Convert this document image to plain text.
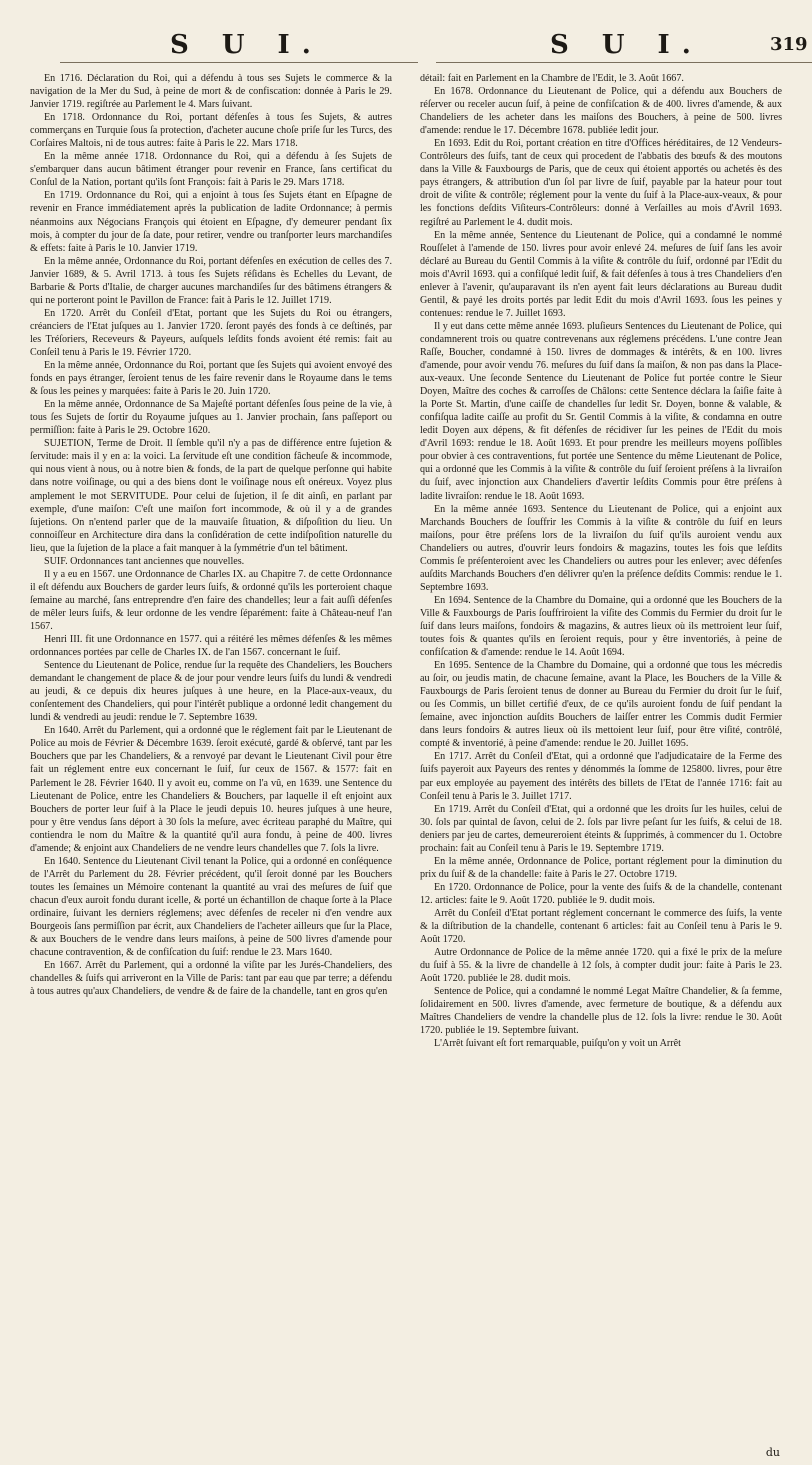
S U I.	S U I.	319

En 1716. Déclaration du Roi, qui a défendu à tous ses Sujets le commerce & la navigation de la Mer du Sud, à peine de mort & de confiscation: donnée à Paris le 29. Janvier 1719. regiſtrée au Parlement le 4. Mars ſuivant.

En 1718. Ordonnance du Roi, portant défenſes à tous ſes Sujets, & autres commerçans en Turquie ſous ſa protection, d'acheter aucune choſe priſe ſur les Turcs, des Corſaires Maltois, ni de tous autres: faite à Paris le 22. Mars 1718.

En la même année 1718. Ordonnance du Roi, qui a défendu à ſes Sujets de s'embarquer dans aucun bâtiment étranger pour revenir en France, ſans certificat du Conſul de la Nation, portant qu'ils ſont François: fait à Paris le 29. Mars 1718.

En 1719. Ordonnance du Roi, qui a enjoint à tous ſes Sujets étant en Eſpagne de revenir en France immédiatement après la publication de ladite Ordonnance; à permis néanmoins aux Négocians François qui étoient en Eſpagne, d'y demeurer pendant ſix mois, à compter du jour de ſa date, pour retirer, vendre ou tranſporter leurs marchandiſes & effets: faite à Paris le 10. Janvier 1719.

En la même année, Ordonnance du Roi, portant défenſes en exécution de celles des 7. Janvier 1689, & 5. Avril 1713. à tous ſes Sujets réſidans ès Echelles du Levant, de Barbarie & Ports d'Italie, de charger aucunes marchandiſes ſur des bâtimens étrangers & qui ne porteront point le Pavillon de France: fait à Paris le 12. Juillet 1719.

En 1720. Arrêt du Conſeil d'Etat, portant que les Sujets du Roi ou étrangers, créanciers de l'Etat juſques au 1. Janvier 1720. ſeront payés des fonds à ce deſtinés, par les Tréſoriers, Receveurs & Payeurs, auſquels leſdits fonds avoient été remis: fait au Conſeil tenu à Paris le 19. Février 1720.

En la même année, Ordonnance du Roi, portant que ſes Sujets qui avoient envoyé des fonds en pays étranger, ſeroient tenus de les faire revenir dans le Royaume dans le tems & ſous les peines y marquées: faite à Paris le 20. Juin 1720.

En la même année, Ordonnance de Sa Majeſté portant défenſes ſous peine de la vie, à tous ſes Sujets de ſortir du Royaume juſques au 1. Janvier prochain, ſans paſſeport ou permiſſion: faite à Paris le 29. Octobre 1620.

SUJETION, Terme de Droit. Il ſemble qu'il n'y a pas de différence entre ſujetion & ſervitude: mais il y en a: la voici. La ſervitude eſt une condition fâcheuſe & incommode, qui nous vient à nous, ou à notre bien & fonds, de la part de quelque perſonne qui habite dans notre voiſinage, ou qui a des biens dont le voiſinage nous eſt onéreux. Voyez plus amplement le mot SERVITUDE. Pour celui de ſujetion, il ſe dit ainſi, en parlant par exemple, d'une maiſon: C'eſt une maiſon fort incommode, & où il y a de grandes ſujetions. On n'entend parler que de la mauvaiſe ſituation, & diſpoſition du lieu. Un connoiſſeur en Architecture dira dans la conſidération de cette indiſpoſition naturelle du lieu, que la ſujetion de la place a fait manquer à la ſymmétrie d'un tel bâtiment.

SUIF. Ordonnances tant anciennes que nouvelles.

Il y a eu en 1567. une Ordonnance de Charles IX. au Chapitre 7. de cette Ordonnance il eſt défendu aux Bouchers de garder leurs ſuifs, & ordonné qu'ils les porteroient chaque ſemaine au marché, ſans entreprendre d'en faire des chandelles; leur a fait auſſi défenſes de mêler leurs ſuifs, & leur ordonne de les vendre ſéparément: faite à Château-neuf l'an 1567.

Henri III. fit une Ordonnance en 1577. qui a réitéré les mêmes défenſes & les mêmes ordonnances portées par celle de Charles IX. de l'an 1567. concernant le ſuif.

Sentence du Lieutenant de Police, rendue ſur la requête des Chandeliers, les Bouchers demandant le changement de place & de jour pour vendre leurs ſuifs du lundi & vendredi au jeudi, & ce depuis dix heures juſques à une heure, en la Place-aux-veaux, du conſentement des Chandeliers, qui pour l'intérêt publique a ordonné ledit changement du lundi & vendredi au jeudi: rendue le 7. Septembre 1639.

En 1640. Arrêt du Parlement, qui a ordonné que le réglement fait par le Lieutenant de Police au mois de Février & Décembre 1639. ſeroit exécuté, gardé & obſervé, tant par les Bouchers que par les Chandeliers, & a renvoyé par devant le Lieutenant Civil pour être fait un réglement entre eux concernant le ſuif, ſur ceux de 1567. & 1577: fait en Parlement le 28. Février 1640. Il y avoit eu, comme on l'a vû, en 1639. une Sentence du Lieutenant de Police, entre les Chandeliers & Bouchers, par laquelle il eſt enjoint aux Bouchers de porter leur ſuif à la Place le jeudi depuis 10. heures juſques à une heure, pour y être vendus ſans déport à 30 ſols la meſure, avec écriteau paraphé du Maître, qui contiendra le nom du Maître & la quantité qu'il aura fondu, à peine de 400. livres d'amende; & enjoint aux Chandeliers de ne vendre leurs chandelles que 7. ſols la livre.

En 1640. Sentence du Lieutenant Civil tenant la Police, qui a ordonné en conſéquence de l'Arrêt du Parlement du 28. Février précédent, qu'il ſeroit donné par les Bouchers toutes les ſemaines un Mémoire contenant la quantité au vrai des meſures de ſuif que chacun d'eux auroit fondu durant icelle, & porté un échantillon de chaque ſorte à la Place ordinaire, ſuivant les derniers réglemens; avec défenſes de receler ni d'en vendre aux Bourgeois ſans permiſſion par écrit, aux Chandeliers de l'acheter ailleurs que ſur la Place, & aux Bouchers de le vendre dans leurs maiſons, à peine de 500 livres d'amende pour chacune contravention, & de confiſcation du ſuif: rendue le 23. Mars 1640.

En 1667. Arrêt du Parlement, qui a ordonné la viſite par les Jurés-Chandeliers, des chandelles & ſuifs qui arriveront en la Ville de Paris: tant par eau que par terre; a défendu à tous autres qu'aux Chandeliers, de vendre & de faire de la chandelle, tant en gros qu'en

détail: fait en Parlement en la Chambre de l'Edit, le 3. Août 1667.

En 1678. Ordonnance du Lieutenant de Police, qui a défendu aux Bouchers de réſerver ou receler aucun ſuif, à peine de confiſcation & de 400. livres d'amende, & aux Chandeliers de les acheter dans les maiſons des Bouchers, à peine de 500. livres d'amende: rendue le 17. Décembre 1678. publiée ledit jour.

En 1693. Edit du Roi, portant création en titre d'Offices héréditaires, de 12 Vendeurs-Contrôleurs des ſuifs, tant de ceux qui procedent de l'abbatis des bœufs & des moutons dans la Ville & Fauxbourgs de Paris, que de ceux qui étoient apportés ou achetés ès des pays étrangers, & attribution d'un ſol par livre de ſuif, payable par la hateur pour tout droit de viſite & contrôle; réglement pour la vente du ſuif à la Place-aux-veaux, & pour les fonctions deſdits Viſiteurs-Contrôleurs: donné à Verſailles au mois d'Avril 1693. regiſtré au Parlement le 4. dudit mois.

En la même année, Sentence du Lieutenant de Police, qui a condamné le nommé Rouſſelet à l'amende de 150. livres pour avoir enlevé 24. meſures de ſuif ſans les avoir déclaré au Bureau du Gentil Commis à la viſite & contrôle du ſuif, ordonné par l'Edit du mois d'Avril 1693. qui a confiſqué ledit ſuif, & fait défenſes à tous à tres Chandeliers d'en enlever à l'avenir, qu'auparavant ils n'en ayent fait leurs déclarations au Bureau dudit Gentil, & payé les droits portés par ledit Edit du mois d'Avril 1693. ſous les peines y contenues: rendue le 7. Juillet 1693.

Il y eut dans cette même année 1693. pluſieurs Sentences du Lieutenant de Police, qui condamnerent trois ou quatre contrevenans aux réglemens précédens. L'une contre Jean Raſſe, Boucher, condamné à 150. livres de dommages & intérêts, & en 100. livres d'amende, pour avoir vendu 76. meſures du ſuif dans ſa maiſon, & non pas dans la Place-aux-veaux. Une ſeconde Sentence du Lieutenant de Police fut portée contre le Sieur Doyen, Maître des coches & carroſſes de Châlons: cette Sentence déclara la ſaiſie faite à la Porte St. Martin, d'une caiſſe de chandelles ſur ledit Sr. Doyen, bonne & valable, & confiſqua ladite caiſſe au profit du Sr. Gentil Commis à la viſite, & condamna en outre ledit Doyen aux dépens, & fit défenſes de récidiver ſur les peines de l'Edit du mois d'Avril 1693: rendue le 18. Août 1693. Et pour prendre les meilleurs moyens poſſibles pour obvier à ces contraventions, fut portée une Sentence du même Lieutenant de Police, qui a ordonné que les Commis à la viſite & contrôle du ſuif ſeroient préſens à la livraiſon du ſuif, avec injonction aux Chandeliers d'avertir leſdits Commis pour être préſens à ladite livraiſon: rendue le 18. Août 1693.

En la même année 1693. Sentence du Lieutenant de Police, qui a enjoint aux Marchands Bouchers de ſouffrir les Commis à la viſite & contrôle du ſuif en leurs maiſons, pour être préſens lors de la livraiſon du ſuif qu'ils auroient vendu aux Chandeliers ou autres, d'ouvrir leurs fondoirs & magazins, toutes les fois que leſdits Commis ſe préſenteroient avec les Chandeliers ou autres pour les enlever; avec défenſes auſdits Marchands Bouchers d'en délivrer qu'en la préſence deſdits Commis: rendue le 1. Septembre 1693.

En 1694. Sentence de la Chambre du Domaine, qui a ordonné que les Bouchers de la Ville & Fauxbourgs de Paris ſouffriroient la viſite des Commis du Fermier du droit ſur le ſuif dans leurs maiſons, fondoirs & magazins, & autres lieux où ils mettroient leur ſuif, toutes fois & quantes qu'ils en ſeroient requis, pour y être inventoriés, à peine de confiſcation & d'amende: rendue le 14. Août 1694.

En 1695. Sentence de la Chambre du Domaine, qui a ordonné que tous les mécredis au ſoir, ou jeudis matin, de chacune ſemaine, avant la Place, les Bouchers de la Ville & Fauxbourgs de Paris ſeroient tenus de donner au Bureau du Fermier du droit ſur le ſuif, ou ſes Commis, un billet certifié d'eux, de ce qu'ils auroient fondu de ſuif pendant la ſemaine, avec injonction auſdits Bouchers de laiſſer entrer les Commis dudit Fermier dans leurs fondoirs & autres lieux où ils mettoient leur ſuif, pour être viſité, contrôlé, compté & inventorié, à peine d'amende: rendue le 20. Juillet 1695.

En 1717. Arrêt du Conſeil d'Etat, qui a ordonné que l'adjudicataire de la Ferme des ſuifs payeroit aux Payeurs des rentes y dénommés la ſomme de 125800. livres, pour être par eux employée au payement des intérêts des billets de l'Etat de l'année 1716: fait au Conſeil tenu à Paris le 3. Juillet 1717.

En 1719. Arrêt du Conſeil d'Etat, qui a ordonné que les droits ſur les huiles, celui de 30. ſols par quintal de ſavon, celui de 2. ſols par livre peſant ſur les ſuifs, & celui de 18. deniers par jeu de cartes, demeureroient éteints & ſupprimés, à commencer du 1. Octobre prochain: fait au Conſeil tenu à Paris le 19. Septembre 1719.

En la même année, Ordonnance de Police, portant réglement pour la diminution du prix du ſuif & de la chandelle: faite à Paris le 27. Octobre 1719.

En 1720. Ordonnance de Police, pour la vente des ſuifs & de la chandelle, contenant 12. articles: faite le 9. Août 1720. publiée le 9. dudit mois.

Arrêt du Conſeil d'Etat portant réglement concernant le commerce des ſuifs, la vente & la diſtribution de la chandelle, contenant 6 articles: fait au Conſeil tenu à Paris le 9. Août 1720.

Autre Ordonnance de Police de la même année 1720. qui a fixé le prix de la meſure du ſuif à 55. & la livre de chandelle à 12 ſols, à compter dudit jour: faite à Paris le 23. Août 1720. publiée le 28. dudit mois.

Sentence de Police, qui a condamné le nommé Legat Maître Chandelier, & ſa femme, ſolidairement en 500. livres d'amende, avec fermeture de boutique, & a défendu aux Maîtres Chandeliers de vendre la chandelle plus de 12. ſols la livre: rendue le 30. Août 1720. publiée le 19. Septembre ſuivant.

L'Arrêt ſuivant eſt fort remarquable, puiſqu'on y voit un Arrêt

du
